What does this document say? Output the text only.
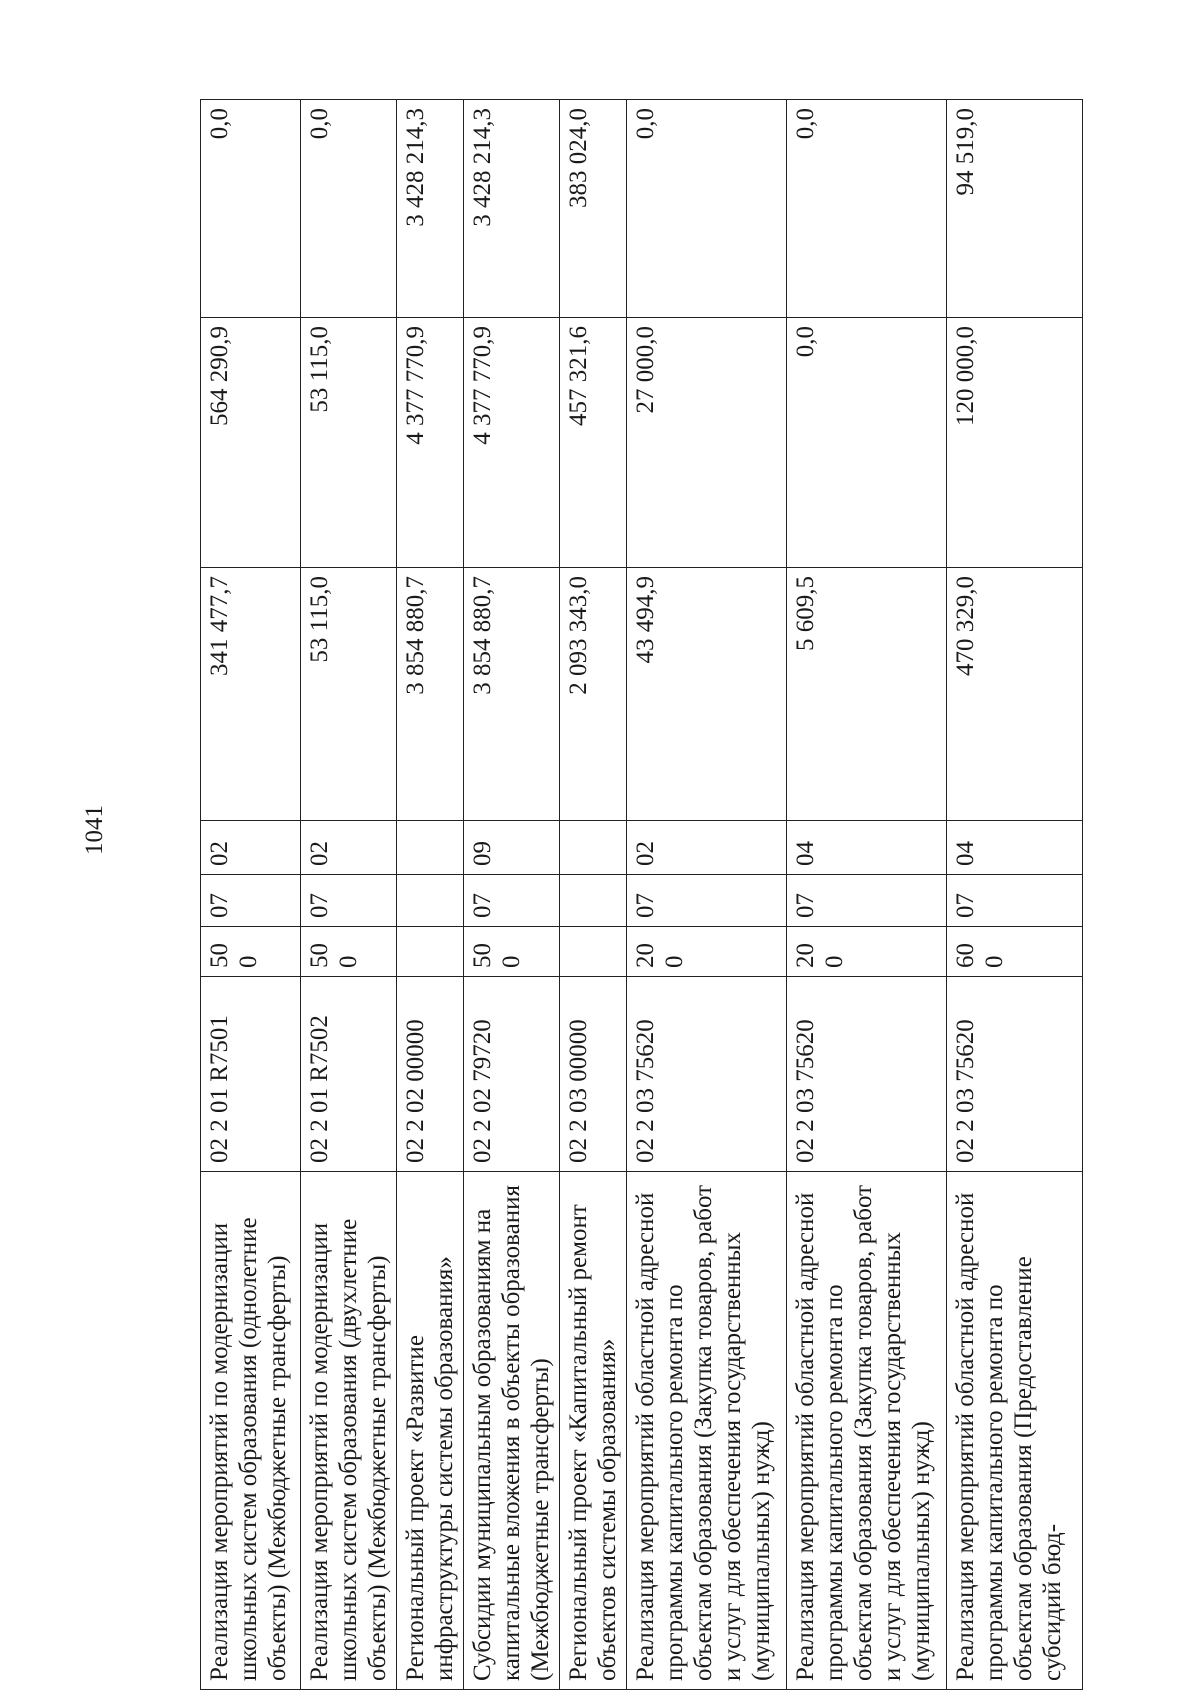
1041
Реализация мероприятий по модернизации школьных систем образования (однолетние объекты) (Межбюджетные трансферты)	02 2 01 R7501	500	07	02	341 477,7	564 290,9	0,0
Реализация мероприятий по модернизации школьных систем образования (двухлетние объекты) (Межбюджетные трансферты)	02 2 01 R7502	500	07	02	53 115,0	53 115,0	0,0
Региональный проект «Развитие инфраструктуры системы образования»	02 2 02 00000				3 854 880,7	4 377 770,9	3 428 214,3
Субсидии муниципальным образованиям на капитальные вложения в объекты образования (Межбюджетные трансферты)	02 2 02 79720	500	07	09	3 854 880,7	4 377 770,9	3 428 214,3
Региональный проект «Капитальный ремонт объектов системы образования»	02 2 03 00000				2 093 343,0	457 321,6	383 024,0
Реализация мероприятий областной адресной программы капитального ремонта по объектам образования (Закупка товаров, работ и услуг для обеспечения государственных (муниципальных) нужд)	02 2 03 75620	200	07	02	43 494,9	27 000,0	0,0
Реализация мероприятий областной адресной программы капитального ремонта по объектам образования (Закупка товаров, работ и услуг для обеспечения государственных (муниципальных) нужд)	02 2 03 75620	200	07	04	5 609,5	0,0	0,0
Реализация мероприятий областной адресной программы капитального ремонта по объектам образования (Предоставление субсидий бюд-	02 2 03 75620	600	07	04	470 329,0	120 000,0	94 519,0
